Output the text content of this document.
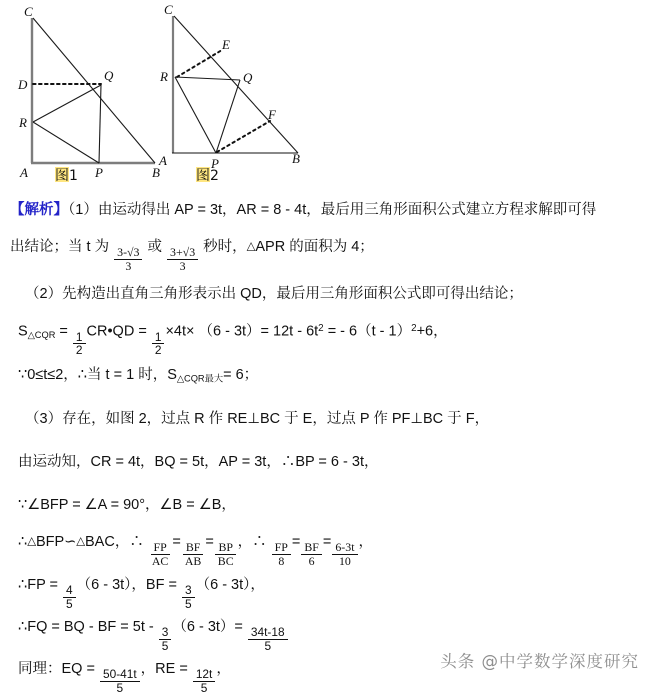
C
D
Q
R
A	P	B
图1
C
E
R	Q
F
A	P	B
图2
【解析】（1）由运动得出 AP = 3t，AR = 8 - 4t，最后用三角形面积公式建立方程求解即可得
出结论；当 t 为 $\frac{3-√3}{3}$ 或 $\frac{3+√3}{3}$ 秒时，△APR 的面积为 4；
（2）先构造出直角三角形表示出 QD，最后用三角形面积公式即可得出结论；
$S_{\triangle CQR} = \frac{1}{2}$ CR•QD = $\frac{1}{2} \times 4t\times (6 - 3t)= 12t - 6t^2$ = - 6（t - 1）$^2$+6，
∵0≤t≤2，∴当 t = 1 时，$S_{\triangle CQR最大}= 6$；
（3）存在，如图 2，过点 R 作 RE⊥BC 于 E，过点 P 作 PF⊥BC 于 F，
由运动知，CR = 4t，BQ = 5t，AP = 3t，∴BP = 6 - 3t，
∵∠BFP = ∠A = 90°，∠B = ∠B，
∴△BFP∽△BAC，∴ $\frac{FP}{AC} = \frac{BF}{AB} = \frac{BP}{BC}$ ，∴ $\frac{FP}{8} = \frac{BF}{6} = \frac{6-3t}{10}$ ，
∴FP = $\frac{4}{5} (6 - 3t)$，BF = $\frac{3}{5} (6 - 3t)$，
∴FQ = BQ - BF = $5t - \frac{3}{5} (6 - 3t)= \frac{34t-18}{5}$
同理：EQ = $\frac{50-41t}{5}$ ，RE = $\frac{12t}{5}$ ，	头条 @中学数学深度研究
